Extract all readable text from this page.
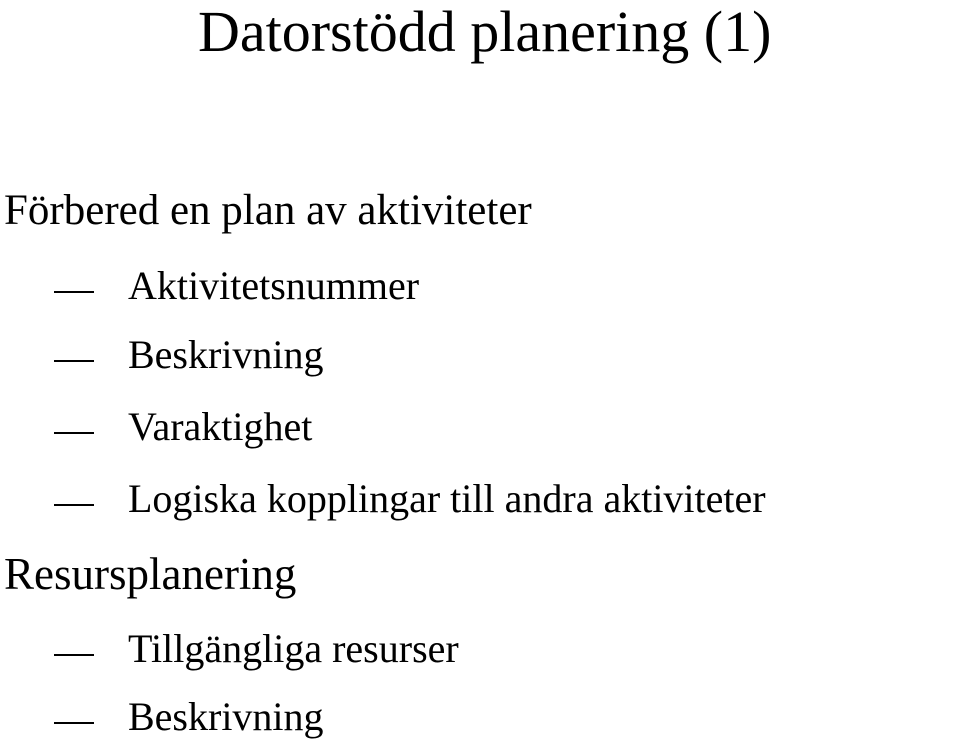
Datorstödd planering (1)
Förbered en plan av aktiviteter
Aktivitetsnummer
Beskrivning
Varaktighet
Logiska kopplingar till andra aktiviteter
Resursplanering
Tillgängliga resurser
Beskrivning
